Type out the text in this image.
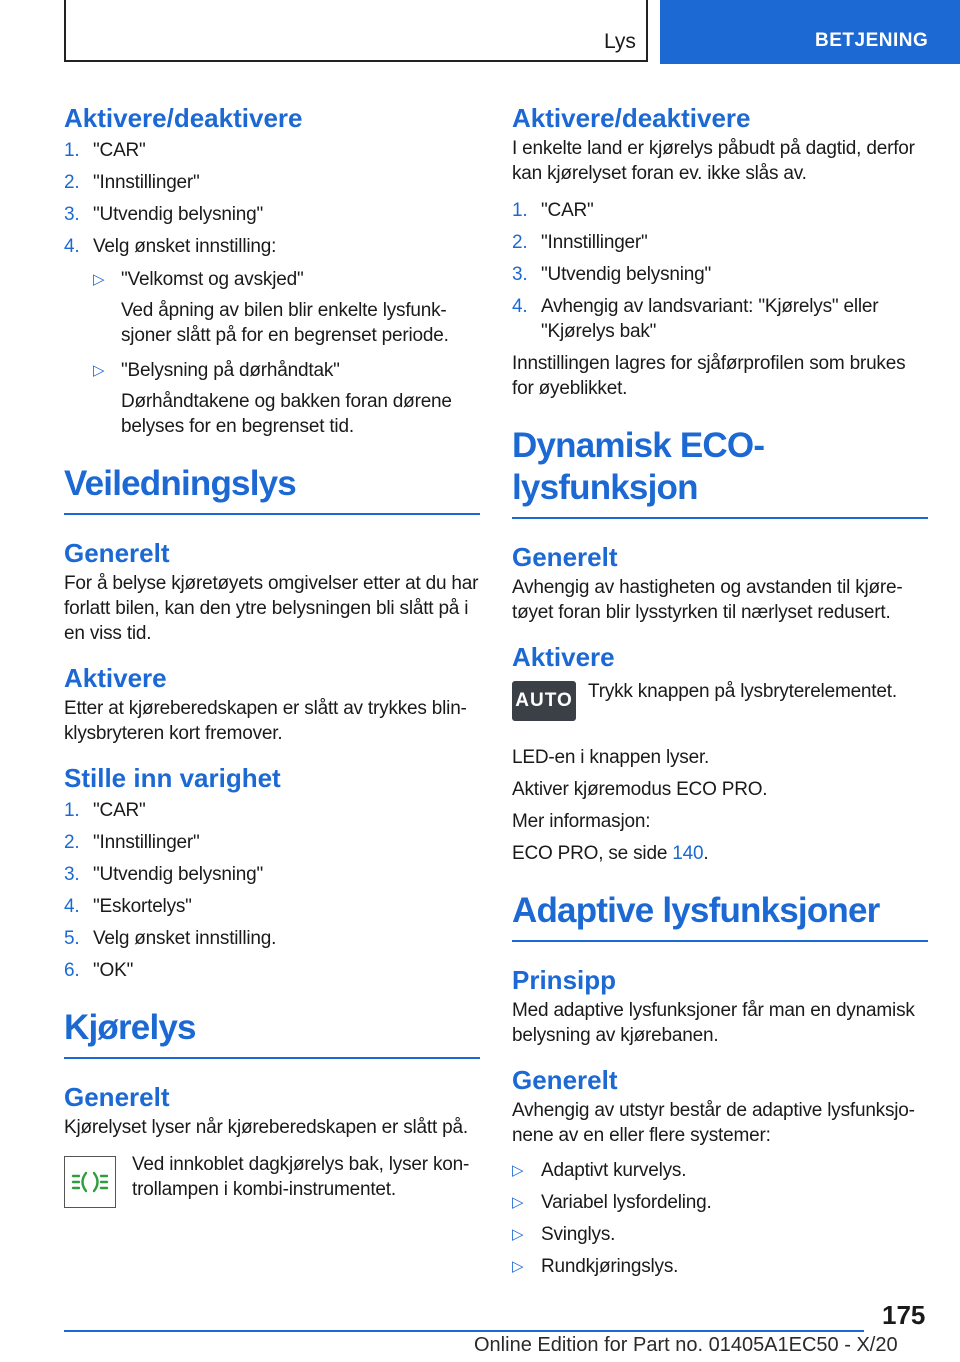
Lys	BETJENING
Aktivere/deaktivere
1. "CAR"
2. "Innstillinger"
3. "Utvendig belysning"
4. Velg ønsket innstilling:
▷ "Velkomst og avskjed"

Ved åpning av bilen blir enkelte lysfunk‐sjoner slått på for en begrenset periode.

▷ "Belysning på dørhåndtak"

Dørhåndtakene og bakken foran dørene belyses for en begrenset tid.

Veiledningslys
Generelt

For å belyse kjøretøyets omgivelser etter at du har forlatt bilen, kan den ytre belysningen bli slått på i en viss tid.

Aktivere

Etter at kjøreberedskapen er slått av trykkes blin‐klysbryteren kort fremover.

Stille inn varighet
1. "CAR"
2. "Innstillinger"
3. "Utvendig belysning"
4. "Eskortelys"
5. Velg ønsket innstilling.
6. "OK"
Kjørelys
Generelt

Kjørelyset lyser når kjøreberedskapen er slått på.

Ved innkoblet dagkjørelys bak, lyser kon‐trollampen i kombi-instrumentet.

Aktivere/deaktivere

I enkelte land er kjørelys påbudt på dagtid, derfor kan kjørelyset foran ev. ikke slås av.

1. "CAR"
2. "Innstillinger"
3. "Utvendig belysning"
4. Avhengig av landsvariant: "Kjørelys" eller "Kjørelys bak"

Innstillingen lagres for sjåførprofilen som brukes for øyeblikket.

Dynamisk ECO-lysfunksjon
Generelt

Avhengig av hastigheten og avstanden til kjøre‐tøyet foran blir lysstyrken til nærlyset redusert.

Aktivere
AUTO Trykk knappen på lysbryterelementet.

LED-en i knappen lyser.

Aktiver kjøremodus ECO PRO.

Mer informasjon:

ECO PRO, se side 140.

Adaptive lysfunksjoner
Prinsipp

Med adaptive lysfunksjoner får man en dynamisk belysning av kjørebanen.

Generelt

Avhengig av utstyr består de adaptive lysfunksjo‐nene av en eller flere systemer:

▷ Adaptivt kurvelys.
▷ Variabel lysfordeling.
▷ Svinglys.
▷ Rundkjøringslys.
175
Online Edition for Part no. 01405A1EC50 - X/20
